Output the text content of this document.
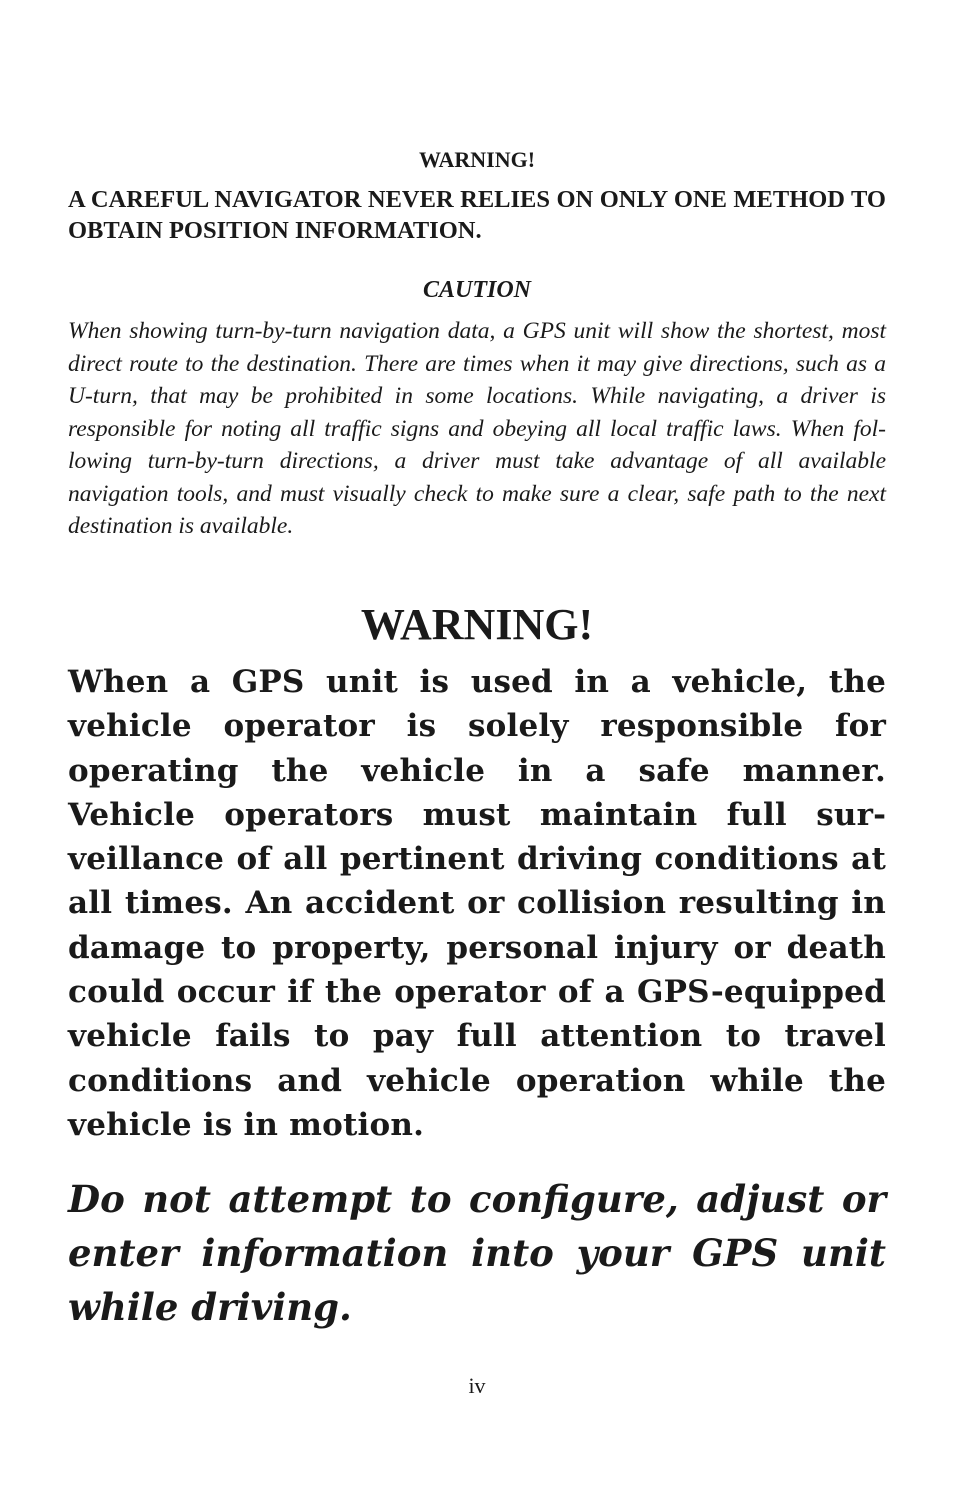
WARNING!
A CAREFUL NAVIGATOR NEVER RELIES ON ONLY ONE METHOD TO OBTAIN POSITION INFORMATION.
CAUTION
When showing turn-by-turn navigation data, a GPS unit will show the shortest, most direct route to the destination. There are times when it may give directions, such as a U-turn, that may be prohibited in some locations. While navigating, a driver is responsible for noting all traffic signs and obeying all local traffic laws. When following turn-by-turn directions, a driver must take advantage of all available navigation tools, and must visually check to make sure a clear, safe path to the next destination is available.
WARNING!
When a GPS unit is used in a vehicle, the vehicle operator is solely responsible for operating the vehicle in a safe manner. Vehicle operators must maintain full surveillance of all pertinent driving conditions at all times. An accident or collision resulting in damage to property, personal injury or death could occur if the operator of a GPS-equipped vehicle fails to pay full attention to travel conditions and vehicle operation while the vehicle is in motion.
Do not attempt to configure, adjust or enter information into your GPS unit while driving.
iv
